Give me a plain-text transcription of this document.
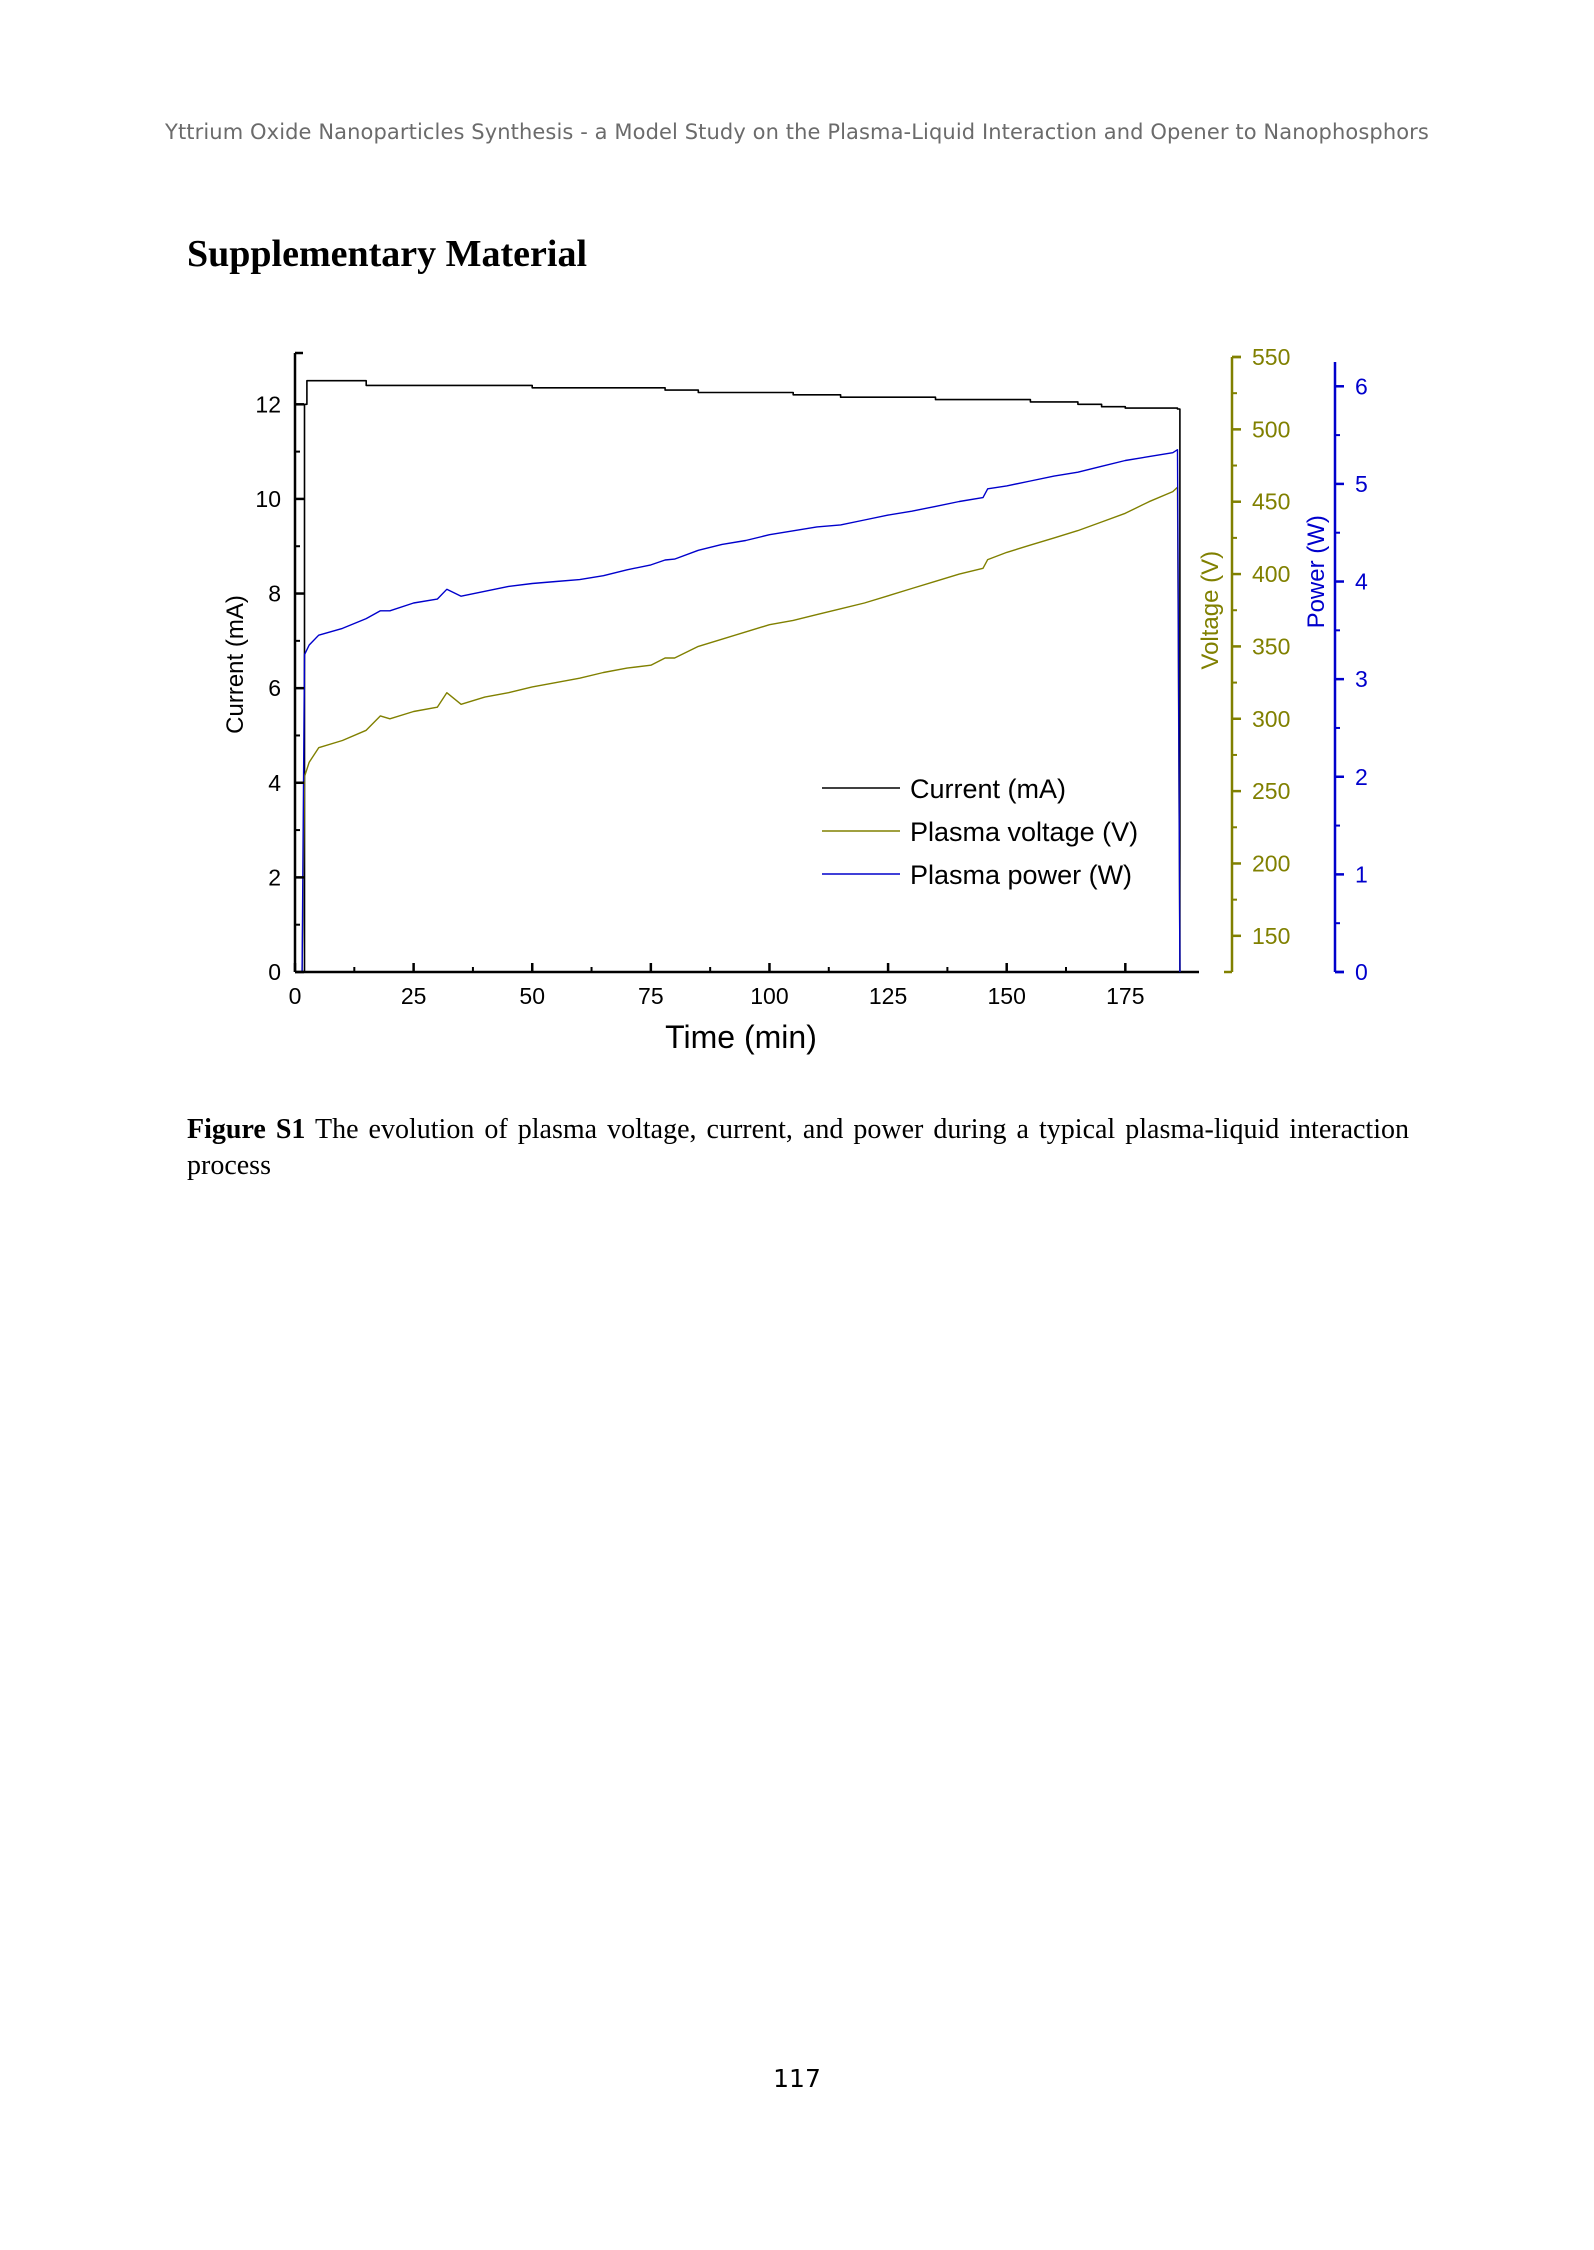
Yttrium Oxide Nanoparticles Synthesis - a Model Study on the Plasma-Liquid Interaction and Opener to Nanophosphors
Supplementary Material
0	25	50	75	100	125	150	175
Time (min)
0
2
4
6
8
10
12
Current (mA)
150
200
250
300
350
400
450
500
550
Voltage (V)
0
1
2
3
4
5
6
Power (W)
Current (mA)
Plasma voltage (V)
Plasma power (W)
Figure S1 The evolution of plasma voltage, current, and power during a typical plasma-liquid interaction process
117
